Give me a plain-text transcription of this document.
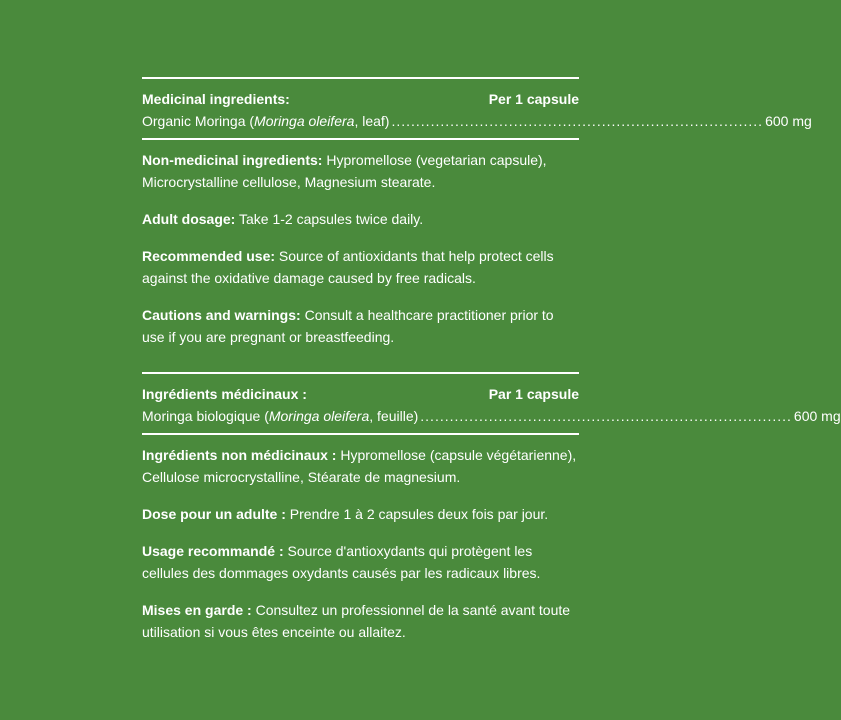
Medicinal ingredients:	Per 1 capsule
Organic Moringa (Moringa oleifera, leaf) ............................................................................ 600 mg

Non-medicinal ingredients: Hypromellose (vegetarian capsule), Microcrystalline cellulose, Magnesium stearate.

Adult dosage: Take 1-2 capsules twice daily.

Recommended use: Source of antioxidants that help protect cells against the oxidative damage caused by free radicals.

Cautions and warnings: Consult a healthcare practitioner prior to use if you are pregnant or breastfeeding.

Ingrédients médicinaux :	Par 1 capsule
Moringa biologique (Moringa oleifera, feuille) ............................................................................ 600 mg

Ingrédients non médicinaux : Hypromellose (capsule végétarienne), Cellulose microcrystalline, Stéarate de magnesium.

Dose pour un adulte : Prendre 1 à 2 capsules deux fois par jour.

Usage recommandé : Source d'antioxydants qui protègent les cellules des dommages oxydants causés par les radicaux libres.

Mises en garde : Consultez un professionnel de la santé avant toute utilisation si vous êtes enceinte ou allaitez.
